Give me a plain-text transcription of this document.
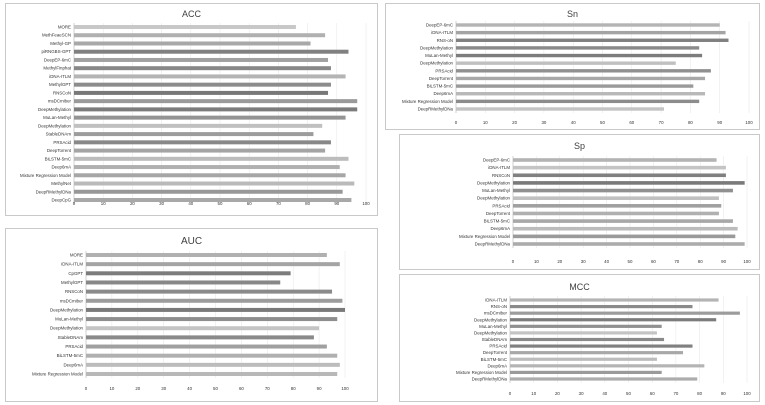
ACC
MORE
MethFeaeSCN
Methyl-GP
piRNGBS-GPT
DeepEP-6mC
MethylFinphat
iDNA-ITLM
MethylGPT
RNSCoN
msDCmiber
DeepMethylation
MuLan-Methyl
DeepMethylation
StableDNAm
PRSAcid
DeepTorrent
BiLSTM-5mC
Deep6mA
Mixture Regression Model
MethylNet
DeepRMethylDNa
DeepCpG
0	10	20	30	40	50	60	70	80	90	100
Sn
DeepEP-6mC
iDNA-ITLM
RNS-oN
DeepMethylation
MuLan-Methyl
DeepMethylation
PRSAcid
DeepTorrent
BiLSTM-5mC
Deep6mA
Mixture Regression Model
DeepRMethylDNa
0	10	20	30	40	50	60	70	80	90	100
Sp
DeepEP-6mC
iDNA-ITLM
RNSCoN
DeepMethylation
MuLan-Methyl
DeepMethylation
PRSAcid
DeepTorrent
BiLSTM-5mC
Deep6mA
Mixture Regression Model
DeepRMethylDNa
0	10	20	30	40	50	60	70	80	90	100
AUC
MORE
iDNA-ITLM
CpGPT
MethylGPT
RNSCoN
msDCmiber
DeepMethylation
MuLan-Methyl
DeepMethylation
StableDNAm
PRSAcid
BiLSTM-5mC
Deep6mA
Mixture Regression Model
0	10	20	30	40	50	60	70	80	90	100
MCC
iDNA-ITLM
RNS-oN
msDCmiber
DeepMethylation
MuLan-Methyl
DeepMethylation
StableDNAm
PRSAcid
DeepTorrent
BiLSTM-5mC
Deep6mA
Mixture Regression Model
DeepRMethylDNa
0	10	20	30	40	50	60	70	80	90	100
